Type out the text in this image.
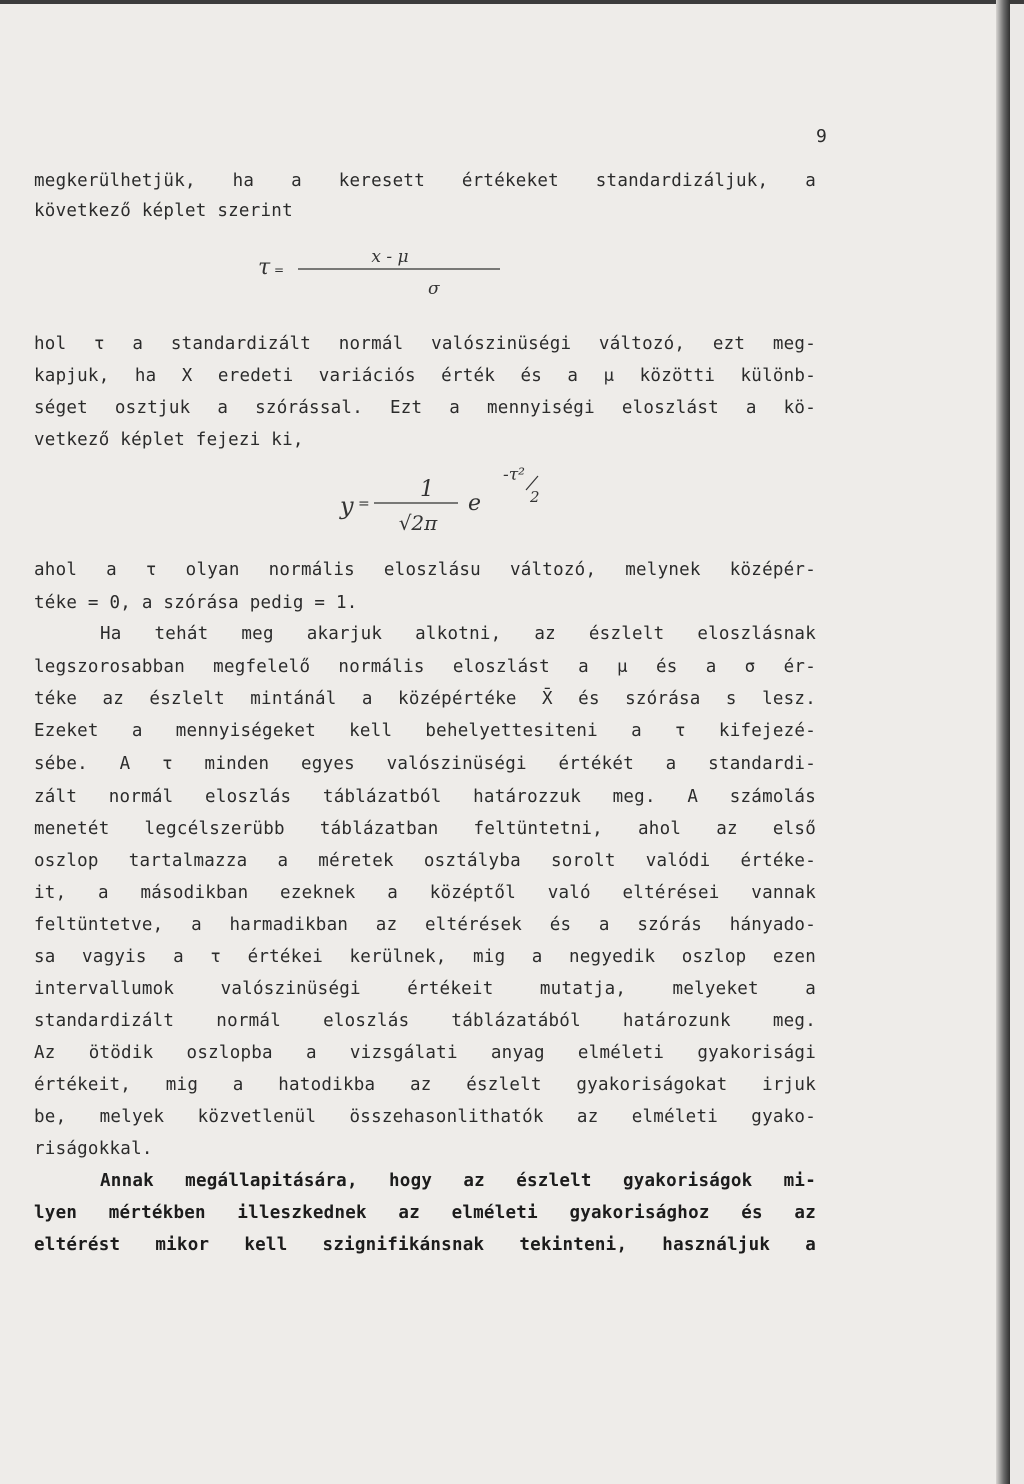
9
megkerülhetjük, ha a keresett értékeket standardizáljuk, a
következő képlet szerint
hol τ a standardizált normál valószinüségi változó, ezt meg-
kapjuk, ha X eredeti variációs érték és a μ közötti különb-
séget osztjuk a szórással. Ezt a mennyiségi eloszlást a kö-
vetkező képlet fejezi ki,
ahol a τ olyan normális eloszlásu változó, melynek középér-
téke = 0, a szórása pedig = 1.
Ha tehát meg akarjuk alkotni, az észlelt eloszlásnak
legszorosabban megfelelő normális eloszlást a μ és a σ ér-
téke az észlelt mintánál a középértéke X̄ és szórása s lesz.
Ezeket a mennyiségeket kell behelyettesiteni a τ kifejezé-
sébe. A τ minden egyes valószinüségi értékét a standardi-
zált normál eloszlás táblázatból határozzuk meg. A számolás
menetét legcélszerübb táblázatban feltüntetni, ahol az első
oszlop tartalmazza a méretek osztályba sorolt valódi értéke-
it, a másodikban ezeknek a középtől való eltérései vannak
feltüntetve, a harmadikban az eltérések és a szórás hányado-
sa vagyis a τ értékei kerülnek, mig a negyedik oszlop ezen
intervallumok valószinüségi értékeit mutatja, melyeket a
standardizált normál eloszlás táblázatából határozunk meg.
Az ötödik oszlopba a vizsgálati anyag elméleti gyakorisági
értékeit, mig a hatodikba az észlelt gyakoriságokat irjuk
be, melyek közvetlenül összehasonlithatók az elméleti gyako-
riságokkal.
Annak megállapitására, hogy az észlelt gyakoriságok mi-
lyen mértékben illeszkednek az elméleti gyakorisághoz és az
eltérést mikor kell szignifikánsnak tekinteni, használjuk a
τ =
x - μ
σ
y =
1
√2π
e
-τ²
2
